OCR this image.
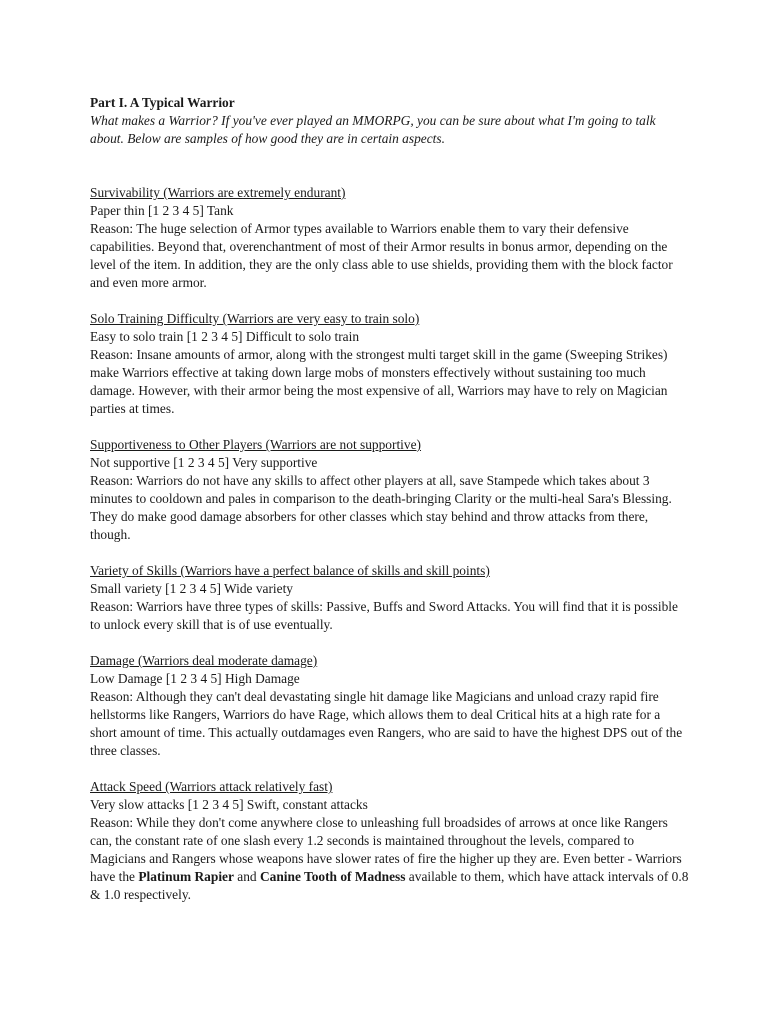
Part I. A Typical Warrior

What makes a Warrior? If you've ever played an MMORPG, you can be sure about what I'm going to talk about. Below are samples of how good they are in certain aspects.

Survivability (Warriors are extremely endurant)

Paper thin [1 2 3 4 5] Tank

Reason: The huge selection of Armor types available to Warriors enable them to vary their defensive capabilities. Beyond that, overenchantment of most of their Armor results in bonus armor, depending on the level of the item. In addition, they are the only class able to use shields, providing them with the block factor and even more armor.

Solo Training Difficulty (Warriors are very easy to train solo)

Easy to solo train [1 2 3 4 5] Difficult to solo train

Reason: Insane amounts of armor, along with the strongest multi target skill in the game (Sweeping Strikes) make Warriors effective at taking down large mobs of monsters effectively without sustaining too much damage. However, with their armor being the most expensive of all, Warriors may have to rely on Magician parties at times.

Supportiveness to Other Players (Warriors are not supportive)

Not supportive [1 2 3 4 5] Very supportive

Reason: Warriors do not have any skills to affect other players at all, save Stampede which takes about 3 minutes to cooldown and pales in comparison to the death-bringing Clarity or the multi-heal Sara's Blessing. They do make good damage absorbers for other classes which stay behind and throw attacks from there, though.

Variety of Skills (Warriors have a perfect balance of skills and skill points)

Small variety [1 2 3 4 5] Wide variety

Reason: Warriors have three types of skills: Passive, Buffs and Sword Attacks. You will find that it is possible to unlock every skill that is of use eventually.

Damage (Warriors deal moderate damage)

Low Damage [1 2 3 4 5] High Damage

Reason: Although they can't deal devastating single hit damage like Magicians and unload crazy rapid fire hellstorms like Rangers, Warriors do have Rage, which allows them to deal Critical hits at a high rate for a short amount of time. This actually outdamages even Rangers, who are said to have the highest DPS out of the three classes.

Attack Speed (Warriors attack relatively fast)

Very slow attacks [1 2 3 4 5] Swift, constant attacks

Reason: While they don't come anywhere close to unleashing full broadsides of arrows at once like Rangers can, the constant rate of one slash every 1.2 seconds is maintained throughout the levels, compared to Magicians and Rangers whose weapons have slower rates of fire the higher up they are. Even better - Warriors have the Platinum Rapier and Canine Tooth of Madness available to them, which have attack intervals of 0.8 & 1.0 respectively.
